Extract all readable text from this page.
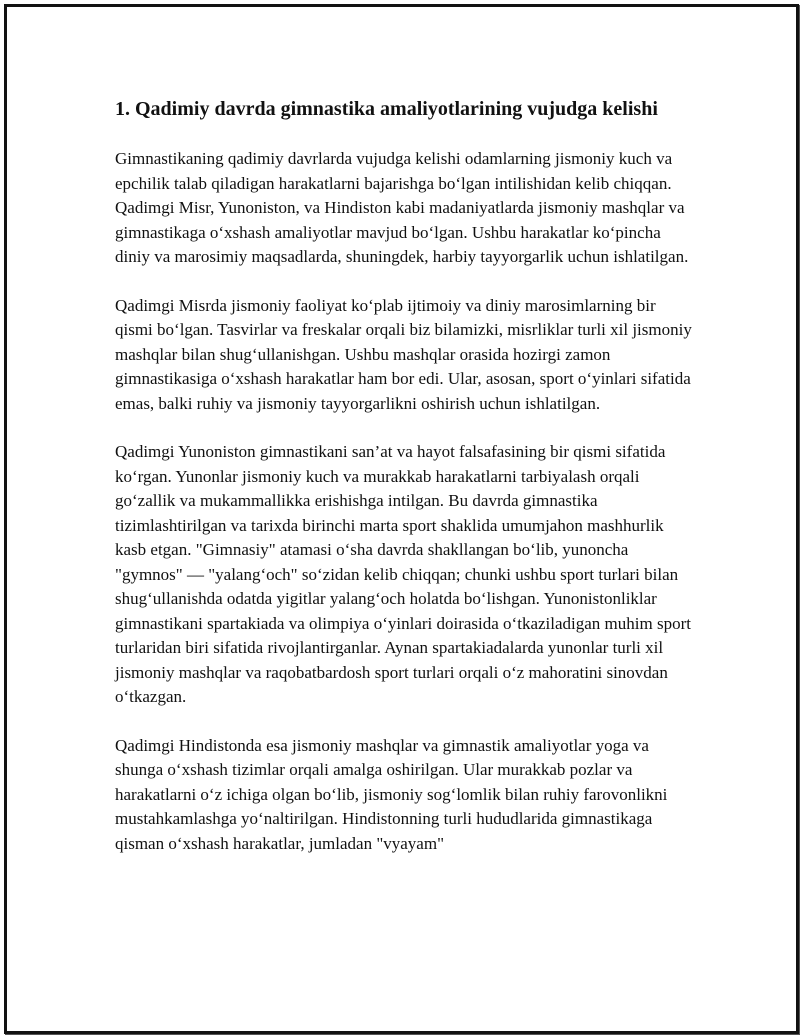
1. Qadimiy davrda gimnastika amaliyotlarining vujudga kelishi

Gimnastikaning qadimiy davrlarda vujudga kelishi odamlarning jismoniy kuch va epchilik talab qiladigan harakatlarni bajarishga bo‘lgan intilishidan kelib chiqqan. Qadimgi Misr, Yunoniston, va Hindiston kabi madaniyatlarda jismoniy mashqlar va gimnastikaga o‘xshash amaliyotlar mavjud bo‘lgan. Ushbu harakatlar ko‘pincha diniy va marosimiy maqsadlarda, shuningdek, harbiy tayyorgarlik uchun ishlatilgan.

Qadimgi Misrda jismoniy faoliyat ko‘plab ijtimoiy va diniy marosimlarning bir qismi bo‘lgan. Tasvirlar va freskalar orqali biz bilamizki, misrliklar turli xil jismoniy mashqlar bilan shug‘ullanishgan. Ushbu mashqlar orasida hozirgi zamon gimnastikasiga o‘xshash harakatlar ham bor edi. Ular, asosan, sport o‘yinlari sifatida emas, balki ruhiy va jismoniy tayyorgarlikni oshirish uchun ishlatilgan.

Qadimgi Yunoniston gimnastikani san’at va hayot falsafasining bir qismi sifatida ko‘rgan. Yunonlar jismoniy kuch va murakkab harakatlarni tarbiyalash orqali go‘zallik va mukammallikka erishishga intilgan. Bu davrda gimnastika tizimlashtirilgan va tarixda birinchi marta sport shaklida umumjahon mashhurlik kasb etgan. "Gimnasiy" atamasi o‘sha davrda shakllangan bo‘lib, yunoncha "gymnos" — "yalang‘och" so‘zidan kelib chiqqan; chunki ushbu sport turlari bilan shug‘ullanishda odatda yigitlar yalang‘och holatda bo‘lishgan. Yunonistonliklar gimnastikani spartakiada va olimpiya o‘yinlari doirasida o‘tkaziladigan muhim sport turlaridan biri sifatida rivojlantirganlar. Aynan spartakiadalarda yunonlar turli xil jismoniy mashqlar va raqobatbardosh sport turlari orqali o‘z mahoratini sinovdan o‘tkazgan.

Qadimgi Hindistonda esa jismoniy mashqlar va gimnastik amaliyotlar yoga va shunga o‘xshash tizimlar orqali amalga oshirilgan. Ular murakkab pozlar va harakatlarni o‘z ichiga olgan bo‘lib, jismoniy sog‘lomlik bilan ruhiy farovonlikni mustahkamlashga yo‘naltirilgan. Hindistonning turli hududlarida gimnastikaga qisman o‘xshash harakatlar, jumladan "vyayam"
